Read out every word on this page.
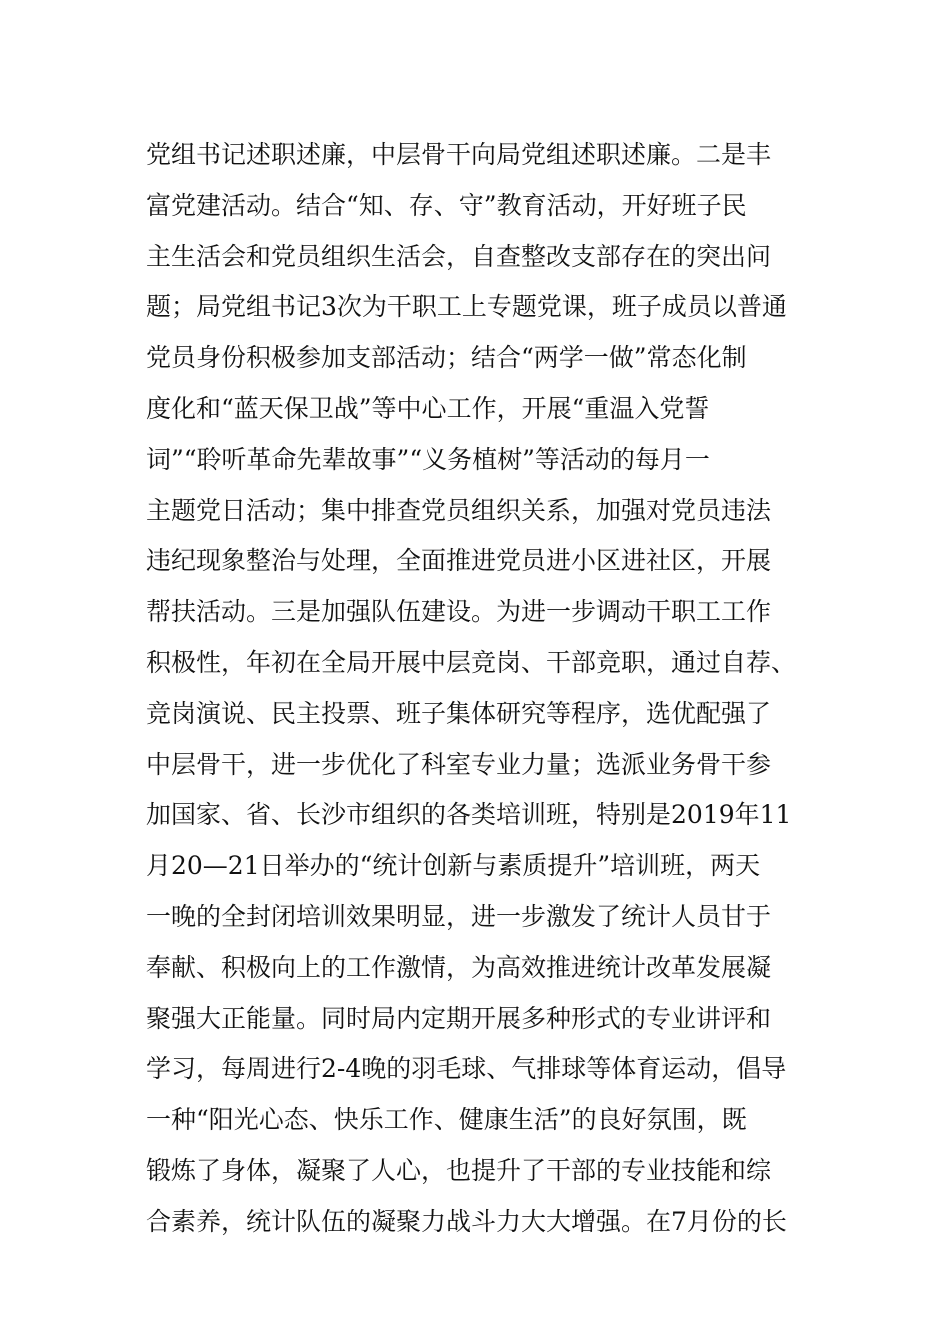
党组书记述职述廉，中层骨干向局党组述职述廉。二是丰
富党建活动。结合“知、存、守”教育活动，开好班子民
主生活会和党员组织生活会，自查整改支部存在的突出问
题；局党组书记3次为干职工上专题党课，班子成员以普通
党员身份积极参加支部活动；结合“两学一做”常态化制
度化和“蓝天保卫战”等中心工作，开展“重温入党誓
词”“聆听革命先辈故事”“义务植树”等活动的每月一
主题党日活动；集中排查党员组织关系，加强对党员违法
违纪现象整治与处理，全面推进党员进小区进社区，开展
帮扶活动。三是加强队伍建设。为进一步调动干职工工作
积极性，年初在全局开展中层竞岗、干部竞职，通过自荐、
竞岗演说、民主投票、班子集体研究等程序，选优配强了
中层骨干，进一步优化了科室专业力量；选派业务骨干参
加国家、省、长沙市组织的各类培训班，特别是2019年11
月20—21日举办的“统计创新与素质提升”培训班，两天
一晚的全封闭培训效果明显，进一步激发了统计人员甘于
奉献、积极向上的工作激情，为高效推进统计改革发展凝
聚强大正能量。同时局内定期开展多种形式的专业讲评和
学习，每周进行2-4晚的羽毛球、气排球等体育运动，倡导
一种“阳光心态、快乐工作、健康生活”的良好氛围，既
锻炼了身体，凝聚了人心，也提升了干部的专业技能和综
合素养，统计队伍的凝聚力战斗力大大增强。在7月份的长
